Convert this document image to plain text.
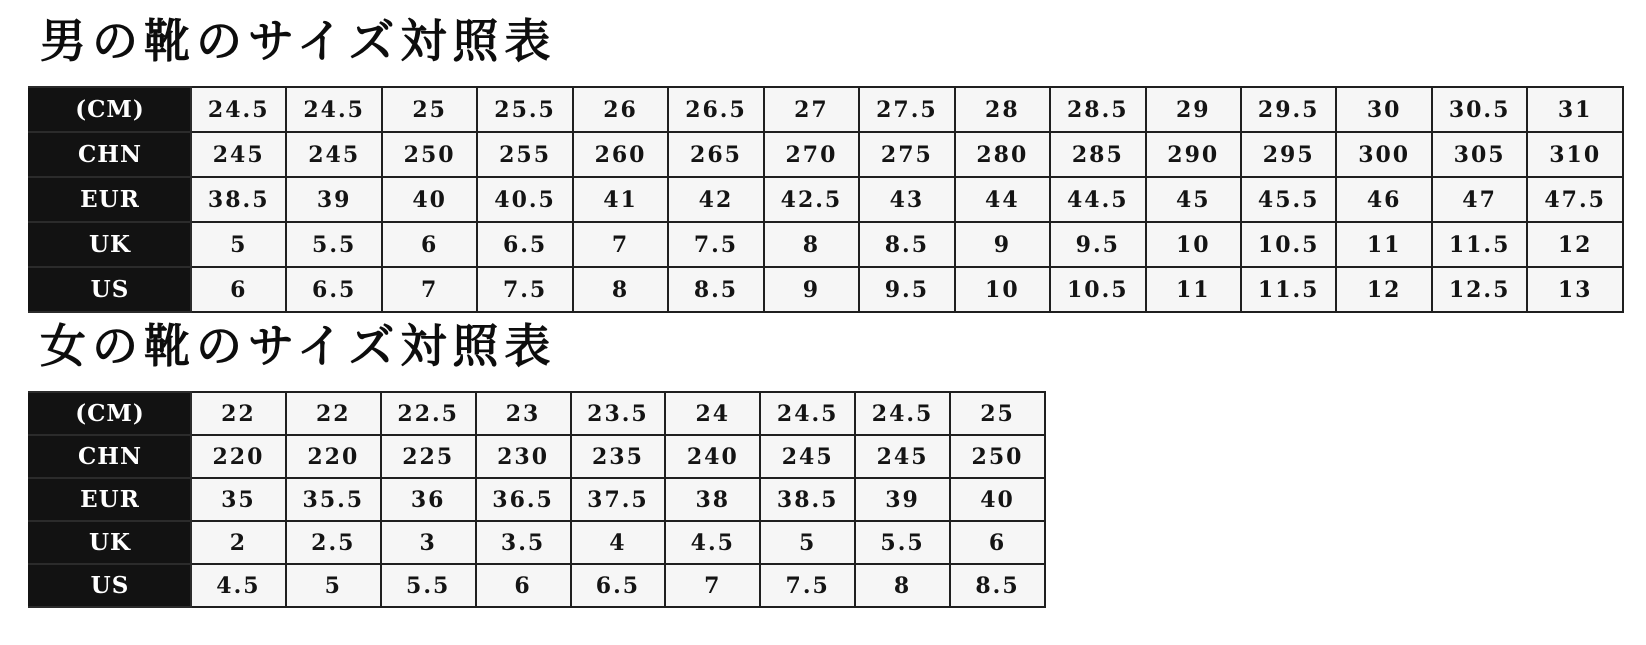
男の靴のサイズ対照表
(CM)	24.5	24.5	25	25.5	26	26.5	27	27.5	28	28.5	29	29.5	30	30.5	31
CHN	245	245	250	255	260	265	270	275	280	285	290	295	300	305	310
EUR	38.5	39	40	40.5	41	42	42.5	43	44	44.5	45	45.5	46	47	47.5
UK	5	5.5	6	6.5	7	7.5	8	8.5	9	9.5	10	10.5	11	11.5	12
US	6	6.5	7	7.5	8	8.5	9	9.5	10	10.5	11	11.5	12	12.5	13
女の靴のサイズ対照表
(CM)	22	22	22.5	23	23.5	24	24.5	24.5	25
CHN	220	220	225	230	235	240	245	245	250
EUR	35	35.5	36	36.5	37.5	38	38.5	39	40
UK	2	2.5	3	3.5	4	4.5	5	5.5	6
US	4.5	5	5.5	6	6.5	7	7.5	8	8.5
